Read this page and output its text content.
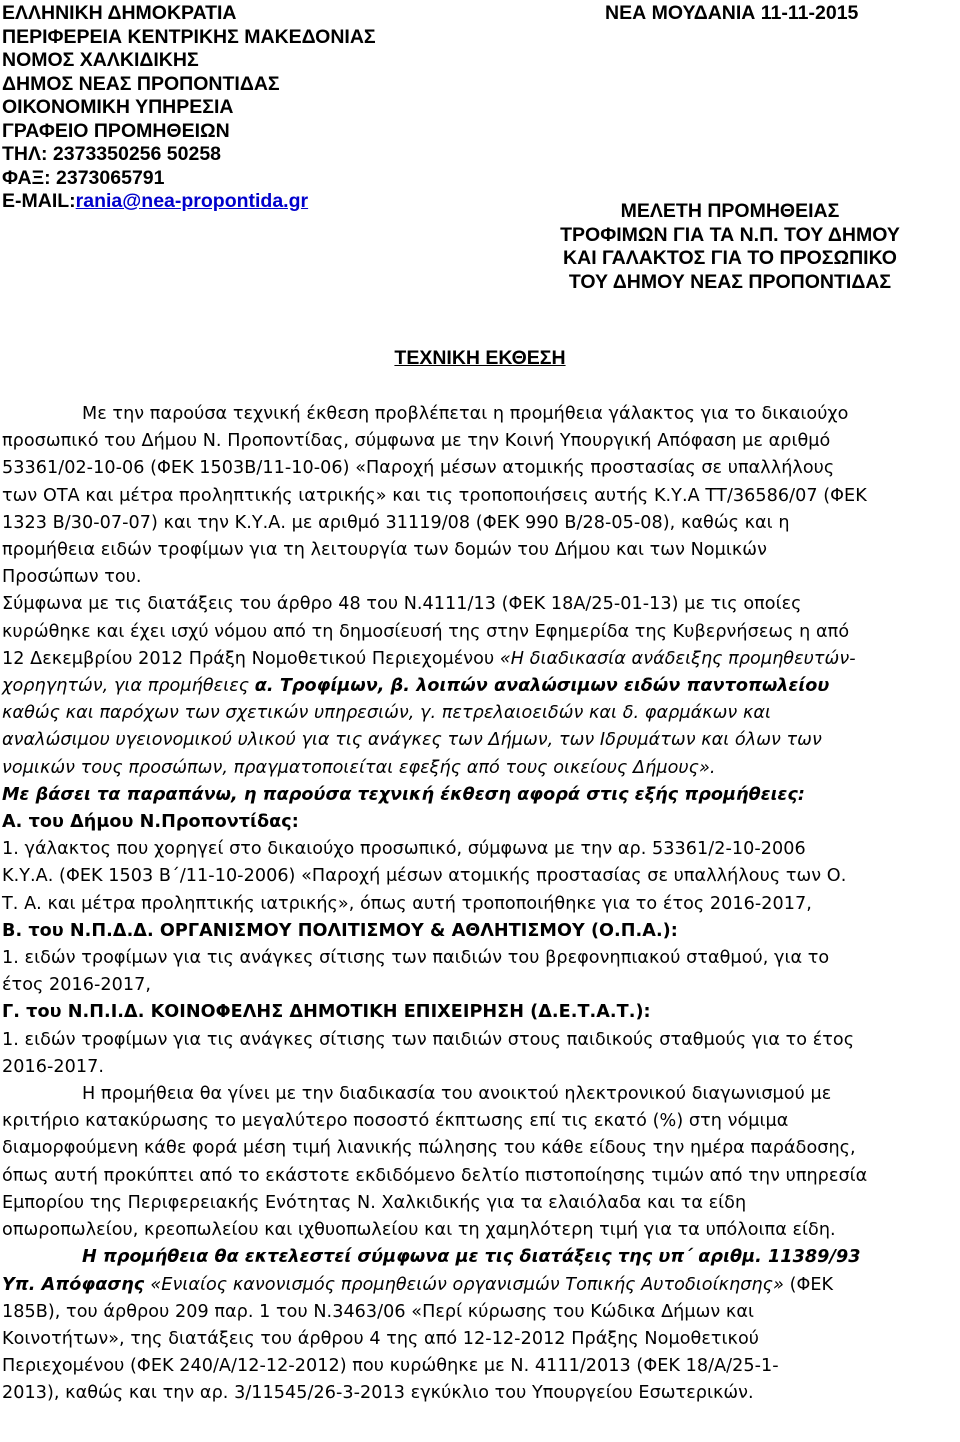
ΕΛΛΗΝΙΚΗ ΔΗΜΟΚΡΑΤΙΑ
ΠΕΡΙΦΕΡΕΙΑ ΚΕΝΤΡΙΚΗΣ ΜΑΚΕΔΟΝΙΑΣ
ΝΟΜΟΣ ΧΑΛΚΙΔΙΚΗΣ
ΔΗΜΟΣ ΝΕΑΣ ΠΡΟΠΟΝΤΙΔΑΣ
ΟΙΚΟΝΟΜΙΚΗ ΥΠΗΡΕΣΙΑ
ΓΡΑΦΕΙΟ ΠΡΟΜΗΘΕΙΩΝ
ΤΗΛ: 2373350256 50258
ΦΑΞ: 2373065791
E-MAIL:rania@nea-propontida.gr
ΝΕΑ ΜΟΥΔΑΝΙΑ 11-11-2015
ΜΕΛΕΤΗ ΠΡΟΜΗΘΕΙΑΣ
ΤΡΟΦΙΜΩΝ ΓΙΑ ΤΑ Ν.Π. ΤΟΥ ΔΗΜΟΥ
ΚΑΙ ΓΑΛΑΚΤΟΣ ΓΙΑ ΤΟ ΠΡΟΣΩΠΙΚΟ
ΤΟΥ ΔΗΜΟΥ ΝΕΑΣ ΠΡΟΠΟΝΤΙΔΑΣ
ΤΕΧΝΙΚΗ ΕΚΘΕΣΗ
Με την παρούσα τεχνική έκθεση προβλέπεται η προμήθεια γάλακτος για το δικαιούχο
προσωπικό του Δήμου Ν. Προποντίδας, σύμφωνα με την Κοινή Υπουργική Απόφαση με αριθμό
53361/02-10-06 (ΦΕΚ 1503Β/11-10-06) «Παροχή μέσων ατομικής προστασίας σε υπαλλήλους
των ΟΤΑ και μέτρα προληπτικής ιατρικής» και τις τροποποιήσεις αυτής Κ.Υ.Α ΤΤ/36586/07 (ΦΕΚ
1323 Β/30-07-07) και την Κ.Υ.Α. με αριθμό 31119/08 (ΦΕΚ 990 Β/28-05-08), καθώς και η
προμήθεια ειδών τροφίμων για τη λειτουργία των δομών του Δήμου και των Νομικών
Προσώπων του.
Σύμφωνα με τις διατάξεις του άρθρο 48 του Ν.4111/13 (ΦΕΚ 18Α/25-01-13) με τις οποίες
κυρώθηκε και έχει ισχύ νόμου από τη δημοσίευσή της στην Εφημερίδα της Κυβερνήσεως η από
12 Δεκεμβρίου 2012 Πράξη Νομοθετικού Περιεχομένου «Η διαδικασία ανάδειξης προμηθευτών-
χορηγητών, για προμήθειες α. Τροφίμων, β. λοιπών αναλώσιμων ειδών παντοπωλείου
καθώς και παρόχων των σχετικών υπηρεσιών, γ. πετρελαιοειδών και δ. φαρμάκων και
αναλώσιμου υγειονομικού υλικού για τις ανάγκες των Δήμων, των Ιδρυμάτων και όλων των
νομικών τους προσώπων, πραγματοποιείται εφεξής από τους οικείους Δήμους».
Με βάσει τα παραπάνω, η παρούσα τεχνική έκθεση αφορά στις εξής προμήθειες:
Α. του Δήμου Ν.Προποντίδας:
1. γάλακτος που χορηγεί στο δικαιούχο προσωπικό, σύμφωνα με την αρ. 53361/2-10-2006
Κ.Υ.Α. (ΦΕΚ 1503 Β΄/11-10-2006) «Παροχή μέσων ατομικής προστασίας σε υπαλλήλους των Ο.
Τ. Α. και μέτρα προληπτικής ιατρικής», όπως αυτή τροποποιήθηκε για το έτος 2016-2017,
Β. του Ν.Π.Δ.Δ. ΟΡΓΑΝΙΣΜΟΥ ΠΟΛΙΤΙΣΜΟΥ & ΑΘΛΗΤΙΣΜΟΥ (Ο.Π.Α.):
1. ειδών τροφίμων για τις ανάγκες σίτισης των παιδιών του βρεφονηπιακού σταθμού, για το
έτος 2016-2017,
Γ. του Ν.Π.Ι.Δ. ΚΟΙΝΟΦΕΛΗΣ ΔΗΜΟΤΙΚΗ ΕΠΙΧΕΙΡΗΣΗ (Δ.Ε.Τ.Α.Τ.):
1. ειδών τροφίμων για τις ανάγκες σίτισης των παιδιών στους παιδικούς σταθμούς για το έτος
2016-2017.
Η προμήθεια θα γίνει με την διαδικασία του ανοικτού ηλεκτρονικού διαγωνισμού με
κριτήριο κατακύρωσης το μεγαλύτερο ποσοστό έκπτωσης επί τις εκατό (%) στη νόμιμα
διαμορφούμενη κάθε φορά μέση τιμή λιανικής πώλησης του κάθε είδους την ημέρα παράδοσης,
όπως αυτή προκύπτει από το εκάστοτε εκδιδόμενο δελτίο πιστοποίησης τιμών από την υπηρεσία
Εμπορίου της Περιφερειακής Ενότητας Ν. Χαλκιδικής για τα ελαιόλαδα και τα είδη
οπωροπωλείου, κρεοπωλείου και ιχθυοπωλείου και τη χαμηλότερη τιμή για τα υπόλοιπα είδη.
Η προμήθεια θα εκτελεστεί σύμφωνα με τις διατάξεις της υπ΄ αριθμ. 11389/93
Υπ. Απόφασης «Ενιαίος κανονισμός προμηθειών οργανισμών Τοπικής Αυτοδιοίκησης» (ΦΕΚ
185Β), του άρθρου 209 παρ. 1 του Ν.3463/06 «Περί κύρωσης του Κώδικα Δήμων και
Κοινοτήτων», της διατάξεις του άρθρου 4 της από 12-12-2012 Πράξης Νομοθετικού
Περιεχομένου (ΦΕΚ 240/Α/12-12-2012) που κυρώθηκε με Ν. 4111/2013 (ΦΕΚ 18/Α/25-1-
2013), καθώς και την αρ. 3/11545/26-3-2013 εγκύκλιο του Υπουργείου Εσωτερικών.
